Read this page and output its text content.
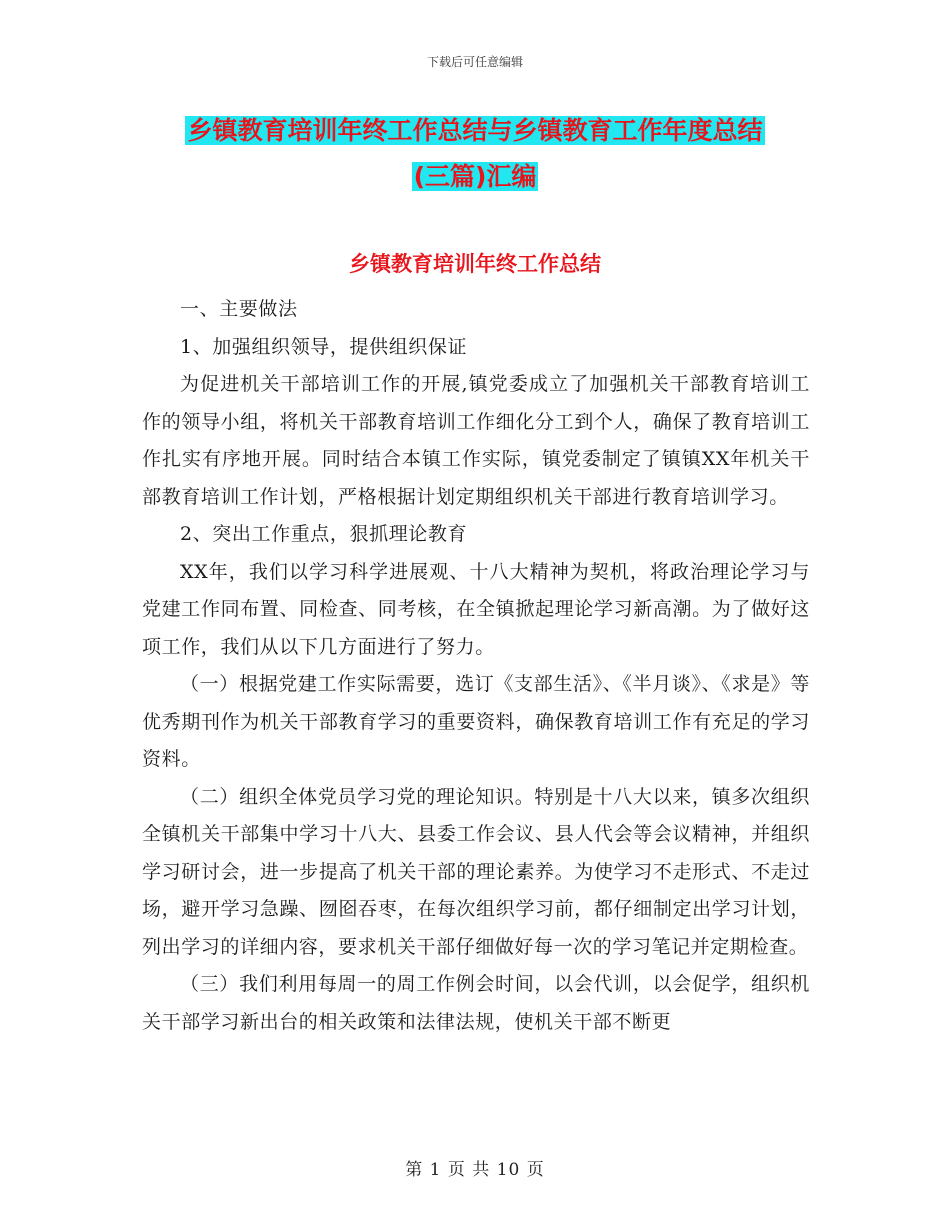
下载后可任意编辑
乡镇教育培训年终工作总结与乡镇教育工作年度总结
(三篇)汇编
乡镇教育培训年终工作总结

一、主要做法

1、加强组织领导，提供组织保证

为促进机关干部培训工作的开展,镇党委成立了加强机关干部教育培训工作的领导小组，将机关干部教育培训工作细化分工到个人，确保了教育培训工作扎实有序地开展。同时结合本镇工作实际，镇党委制定了镇镇XX年机关干部教育培训工作计划，严格根据计划定期组织机关干部进行教育培训学习。

2、突出工作重点，狠抓理论教育

XX年，我们以学习科学进展观、十八大精神为契机，将政治理论学习与党建工作同布置、同检查、同考核，在全镇掀起理论学习新高潮。为了做好这项工作，我们从以下几方面进行了努力。

（一）根据党建工作实际需要，选订《支部生活》、《半月谈》、《求是》等优秀期刊作为机关干部教育学习的重要资料，确保教育培训工作有充足的学习资料。

（二）组织全体党员学习党的理论知识。特别是十八大以来，镇多次组织全镇机关干部集中学习十八大、县委工作会议、县人代会等会议精神，并组织学习研讨会，进一步提高了机关干部的理论素养。为使学习不走形式、不走过场，避开学习急躁、囫囵吞枣，在每次组织学习前，都仔细制定出学习计划，列出学习的详细内容，要求机关干部仔细做好每一次的学习笔记并定期检查。

（三）我们利用每周一的周工作例会时间，以会代训，以会促学，组织机关干部学习新出台的相关政策和法律法规，使机关干部不断更

第 1 页 共 10 页
